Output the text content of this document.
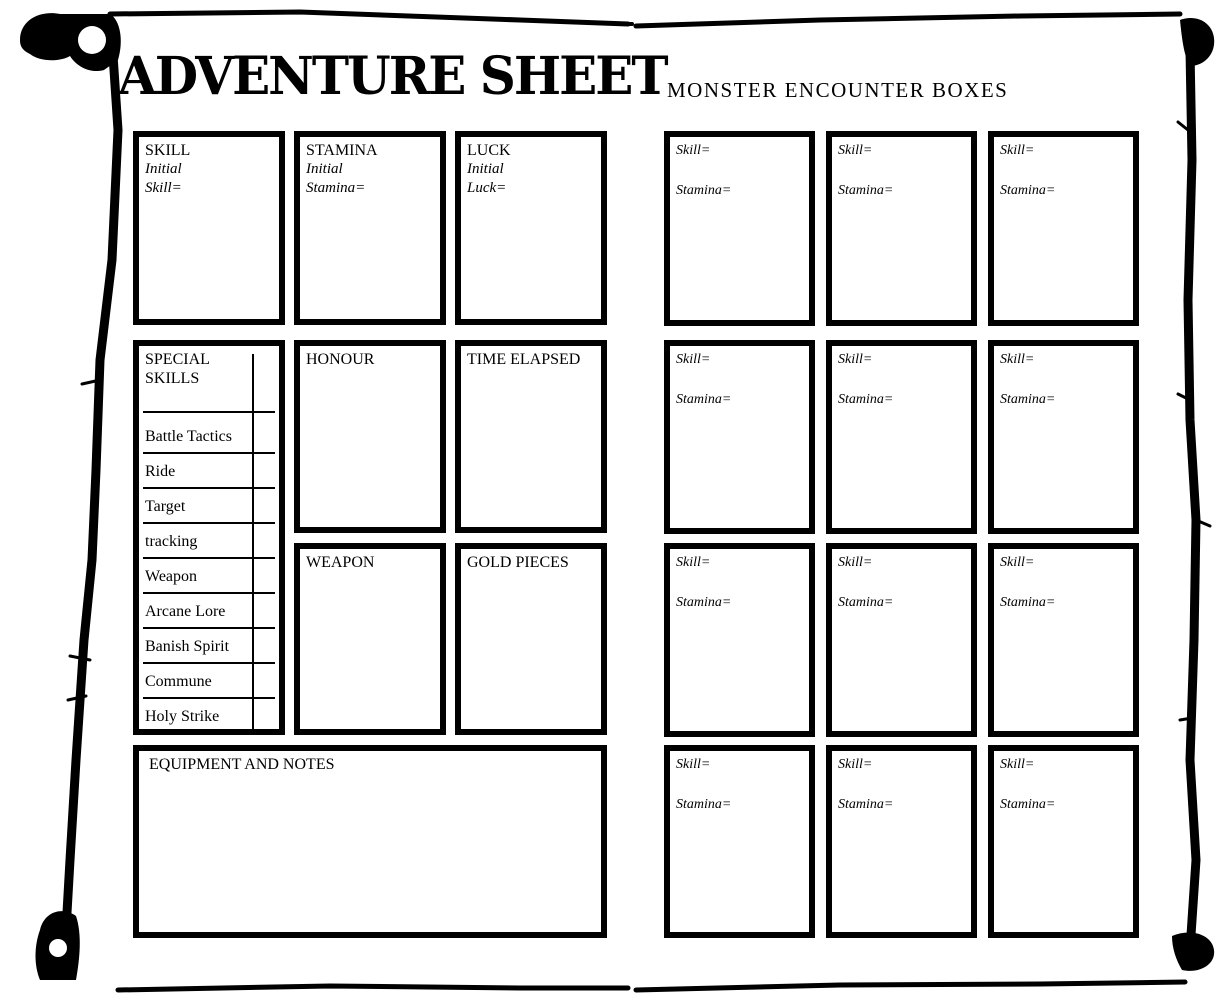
ADVENTURE SHEET MONSTER ENCOUNTER BOXES
SKILL
Initial
Skill=
STAMINA
Initial
Stamina=
LUCK
Initial
Luck=
SPECIAL
SKILLS
Battle Tactics
Ride
Target
tracking
Weapon
Arcane Lore
Banish Spirit
Commune
Holy Strike
HONOUR	TIME ELAPSED
WEAPON	GOLD PIECES
EQUIPMENT AND NOTES
Skill=
Stamina=
Skill=
Stamina=
Skill=
Stamina=
Skill=
Stamina=
Skill=
Stamina=
Skill=
Stamina=
Skill=
Stamina=
Skill=
Stamina=
Skill=
Stamina=
Skill=
Stamina=
Skill=
Stamina=
Skill=
Stamina=
